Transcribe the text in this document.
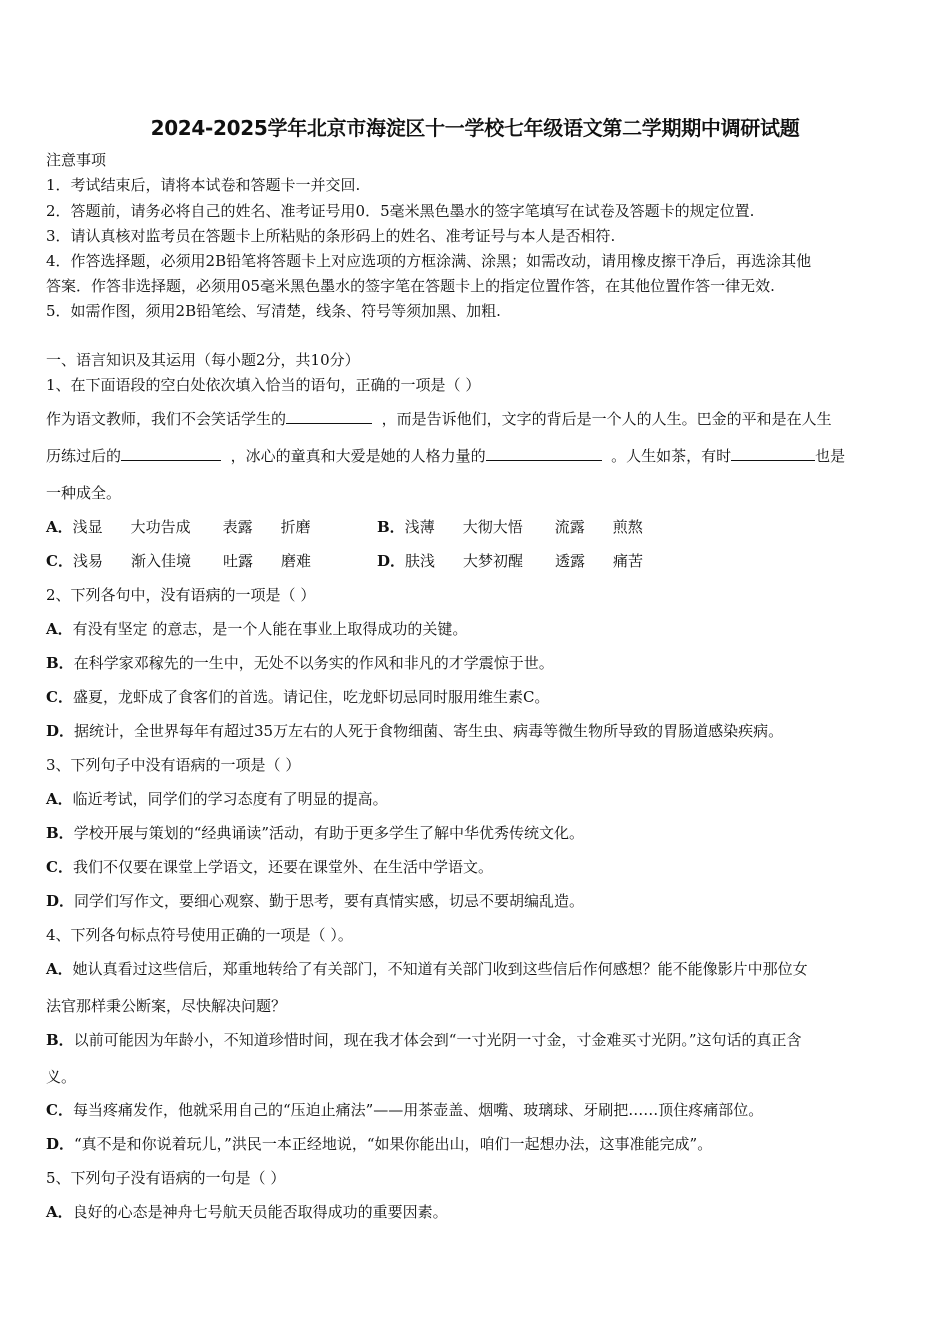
2024-2025学年北京市海淀区十一学校七年级语文第二学期期中调研试题
注意事项
1．考试结束后，请将本试卷和答题卡一并交回.
2．答题前，请务必将自己的姓名、准考证号用0．5毫米黑色墨水的签字笔填写在试卷及答题卡的规定位置.
3．请认真核对监考员在答题卡上所粘贴的条形码上的姓名、准考证号与本人是否相符.
4．作答选择题，必须用2B铅笔将答题卡上对应选项的方框涂满、涂黑；如需改动，请用橡皮擦干净后，再选涂其他
答案．作答非选择题，必须用05毫米黑色墨水的签字笔在答题卡上的指定位置作答，在其他位置作答一律无效.
5．如需作图，须用2B铅笔绘、写清楚，线条、符号等须加黑、加粗.
一、语言知识及其运用（每小题2分，共10分）
1、在下面语段的空白处依次填入恰当的语句，正确的一项是（ ）
作为语文教师，我们不会笑话学生的	，而是告诉他们，文字的背后是一个人的人生。巴金的平和是在人生
历练过后的	，冰心的童真和大爱是她的人格力量的	。人生如茶，有时	也是
一种成全。
A．浅显 大功告成 表露 折磨	B．浅薄 大彻大悟 流露 煎熬
C．浅易 渐入佳境 吐露 磨难	D．肤浅 大梦初醒 透露 痛苦
2、下列各句中，没有语病的一项是（ ）
A．有没有坚定 的意志，是一个人能在事业上取得成功的关键。
B．在科学家邓稼先的一生中，无处不以务实的作风和非凡的才学震惊于世。
C．盛夏，龙虾成了食客们的首选。请记住，吃龙虾切忌同时服用维生素C。
D．据统计，全世界每年有超过35万左右的人死于食物细菌、寄生虫、病毒等微生物所导致的胃肠道感染疾病。
3、下列句子中没有语病的一项是（ ）
A．临近考试，同学们的学习态度有了明显的提高。
B．学校开展与策划的“经典诵读”活动，有助于更多学生了解中华优秀传统文化。
C．我们不仅要在课堂上学语文，还要在课堂外、在生活中学语文。
D．同学们写作文，要细心观察、勤于思考，要有真情实感，切忌不要胡编乱造。
4、下列各句标点符号使用正确的一项是（ ）。
A．她认真看过这些信后，郑重地转给了有关部门，不知道有关部门收到这些信后作何感想？能不能像影片中那位女
法官那样秉公断案，尽快解决问题？
B．以前可能因为年龄小，不知道珍惜时间，现在我才体会到“一寸光阴一寸金，寸金难买寸光阴。”这句话的真正含
义。
C．每当疼痛发作，他就采用自己的“压迫止痛法”——用茶壶盖、烟嘴、玻璃球、牙刷把……顶住疼痛部位。
D．“真不是和你说着玩儿，”洪民一本正经地说，“如果你能出山，咱们一起想办法，这事准能完成”。
5、下列句子没有语病的一句是（ ）
A．良好的心态是神舟七号航天员能否取得成功的重要因素。
